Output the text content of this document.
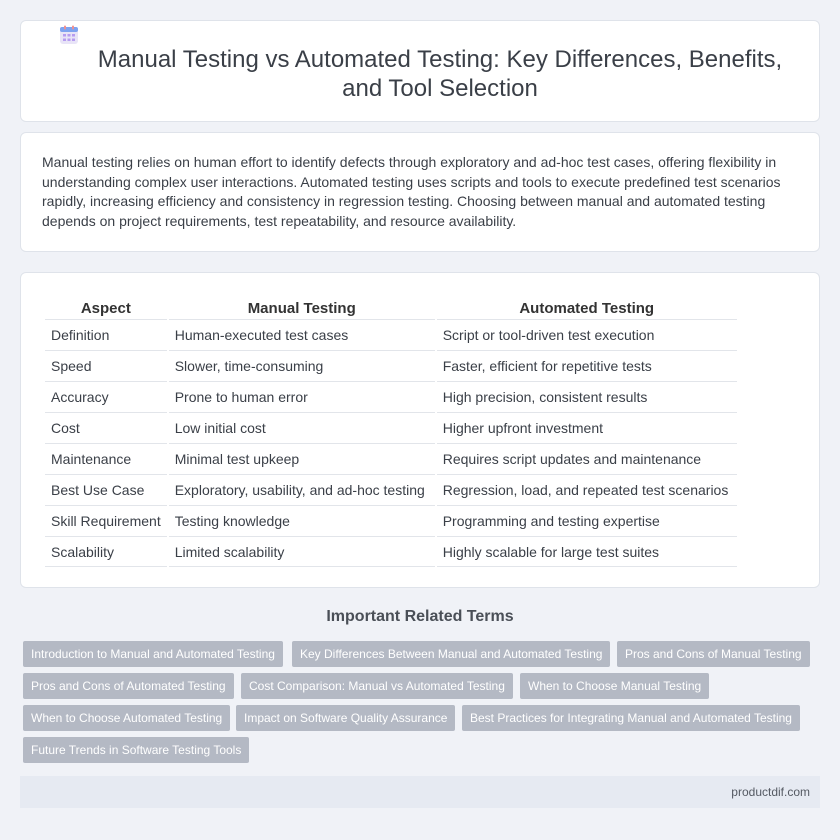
Manual Testing vs Automated Testing: Key Differences, Benefits, and Tool Selection

Manual testing relies on human effort to identify defects through exploratory and ad-hoc test cases, offering flexibility in understanding complex user interactions. Automated testing uses scripts and tools to execute predefined test scenarios rapidly, increasing efficiency and consistency in regression testing. Choosing between manual and automated testing depends on project requirements, test repeatability, and resource availability.

Aspect	Manual Testing	Automated Testing
Definition	Human-executed test cases	Script or tool-driven test execution
Speed	Slower, time-consuming	Faster, efficient for repetitive tests
Accuracy	Prone to human error	High precision, consistent results
Cost	Low initial cost	Higher upfront investment
Maintenance	Minimal test upkeep	Requires script updates and maintenance
Best Use Case	Exploratory, usability, and ad-hoc testing	Regression, load, and repeated test scenarios
Skill Requirement	Testing knowledge	Programming and testing expertise
Scalability	Limited scalability	Highly scalable for large test suites
Important Related Terms
Introduction to Manual and Automated Testing	Key Differences Between Manual and Automated Testing	Pros and Cons of Manual Testing
Pros and Cons of Automated Testing	Cost Comparison: Manual vs Automated Testing	When to Choose Manual Testing
When to Choose Automated Testing	Impact on Software Quality Assurance	Best Practices for Integrating Manual and Automated Testing
Future Trends in Software Testing Tools
productdif.com
